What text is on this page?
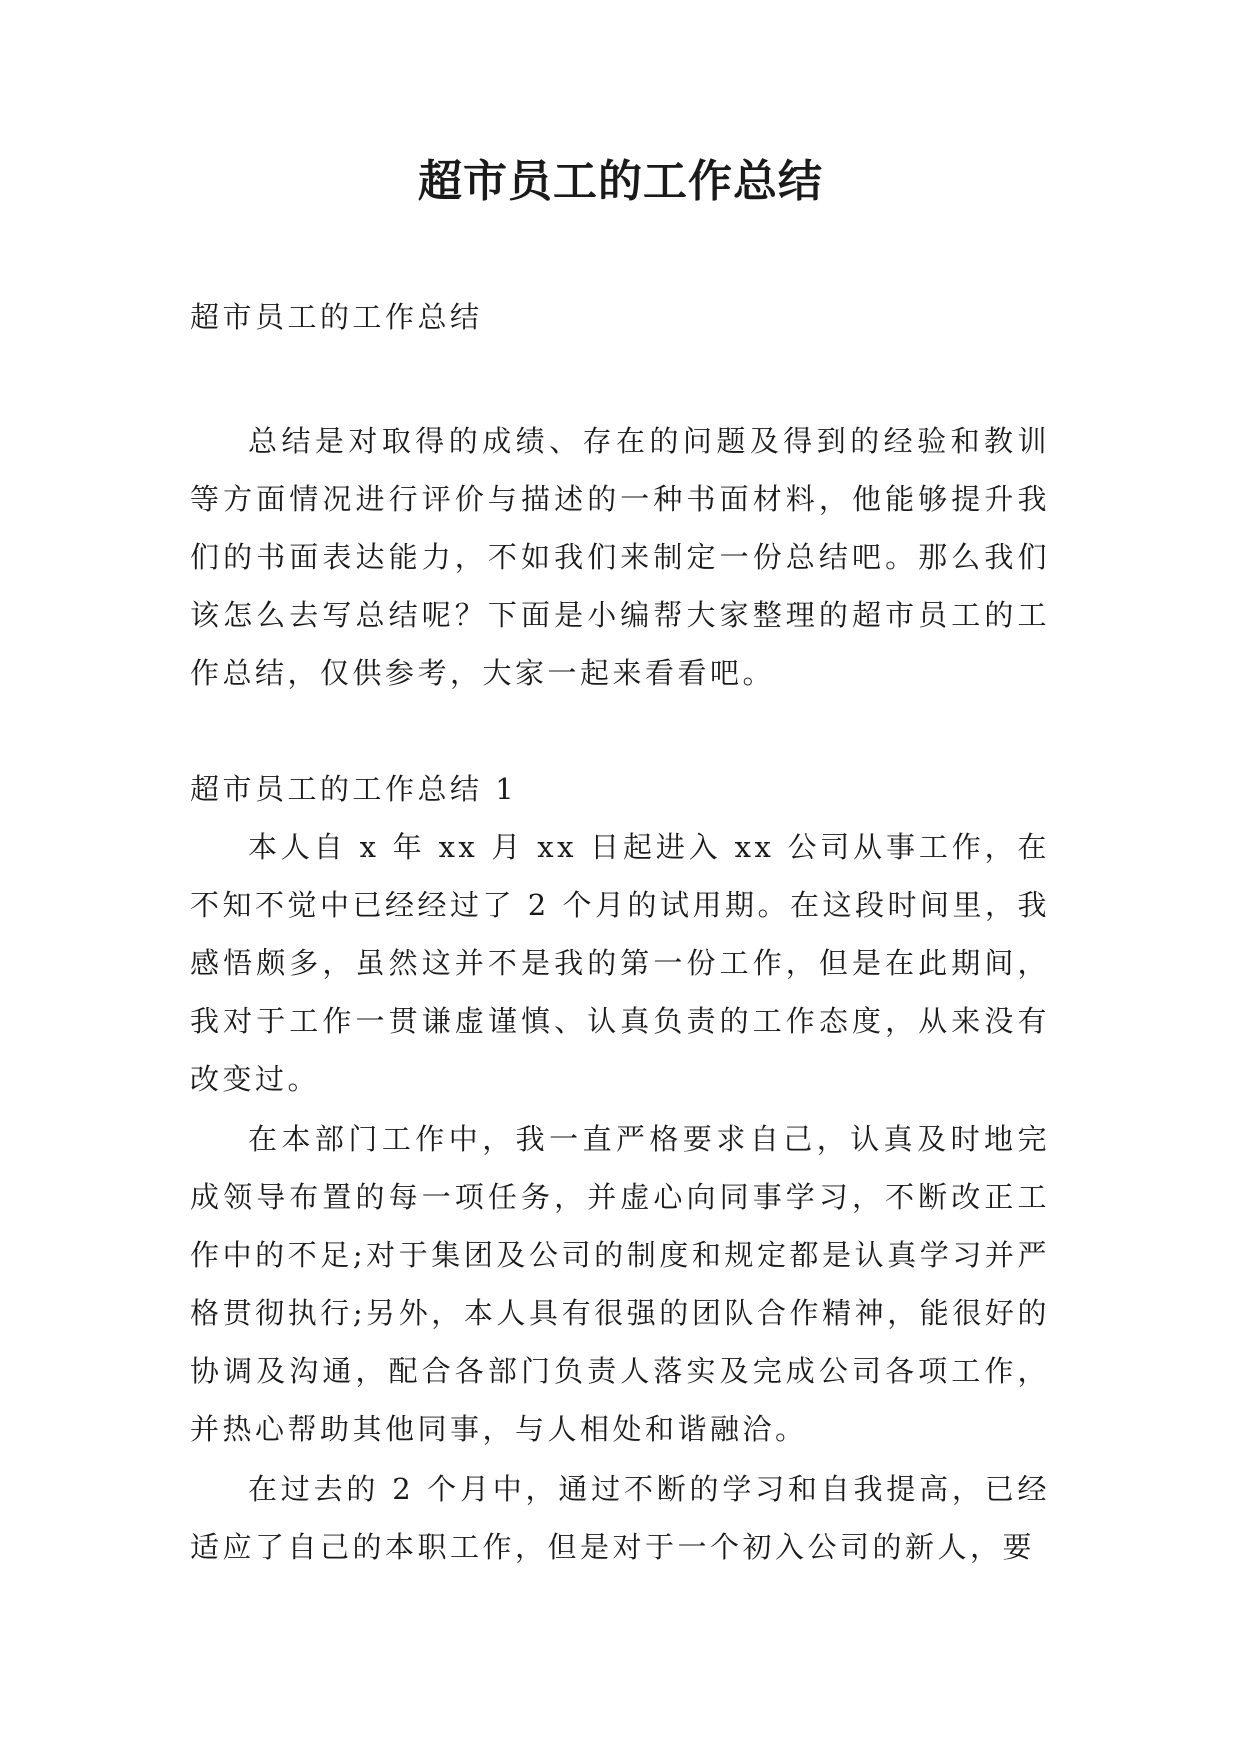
超市员工的工作总结

超市员工的工作总结

总结是对取得的成绩、存在的问题及得到的经验和教训等方面情况进行评价与描述的一种书面材料，他能够提升我们的书面表达能力，不如我们来制定一份总结吧。那么我们该怎么去写总结呢？下面是小编帮大家整理的超市员工的工作总结，仅供参考，大家一起来看看吧。

超市员工的工作总结 1

本人自 x 年 xx 月 xx 日起进入 xx 公司从事工作，在不知不觉中已经经过了 2 个月的试用期。在这段时间里，我感悟颇多，虽然这并不是我的第一份工作，但是在此期间，我对于工作一贯谦虚谨慎、认真负责的工作态度，从来没有改变过。

在本部门工作中，我一直严格要求自己，认真及时地完成领导布置的每一项任务，并虚心向同事学习，不断改正工作中的不足;对于集团及公司的制度和规定都是认真学习并严格贯彻执行;另外，本人具有很强的团队合作精神，能很好的协调及沟通，配合各部门负责人落实及完成公司各项工作，并热心帮助其他同事，与人相处和谐融洽。

在过去的 2 个月中，通过不断的学习和自我提高，已经适应了自己的本职工作，但是对于一个初入公司的新人，要
